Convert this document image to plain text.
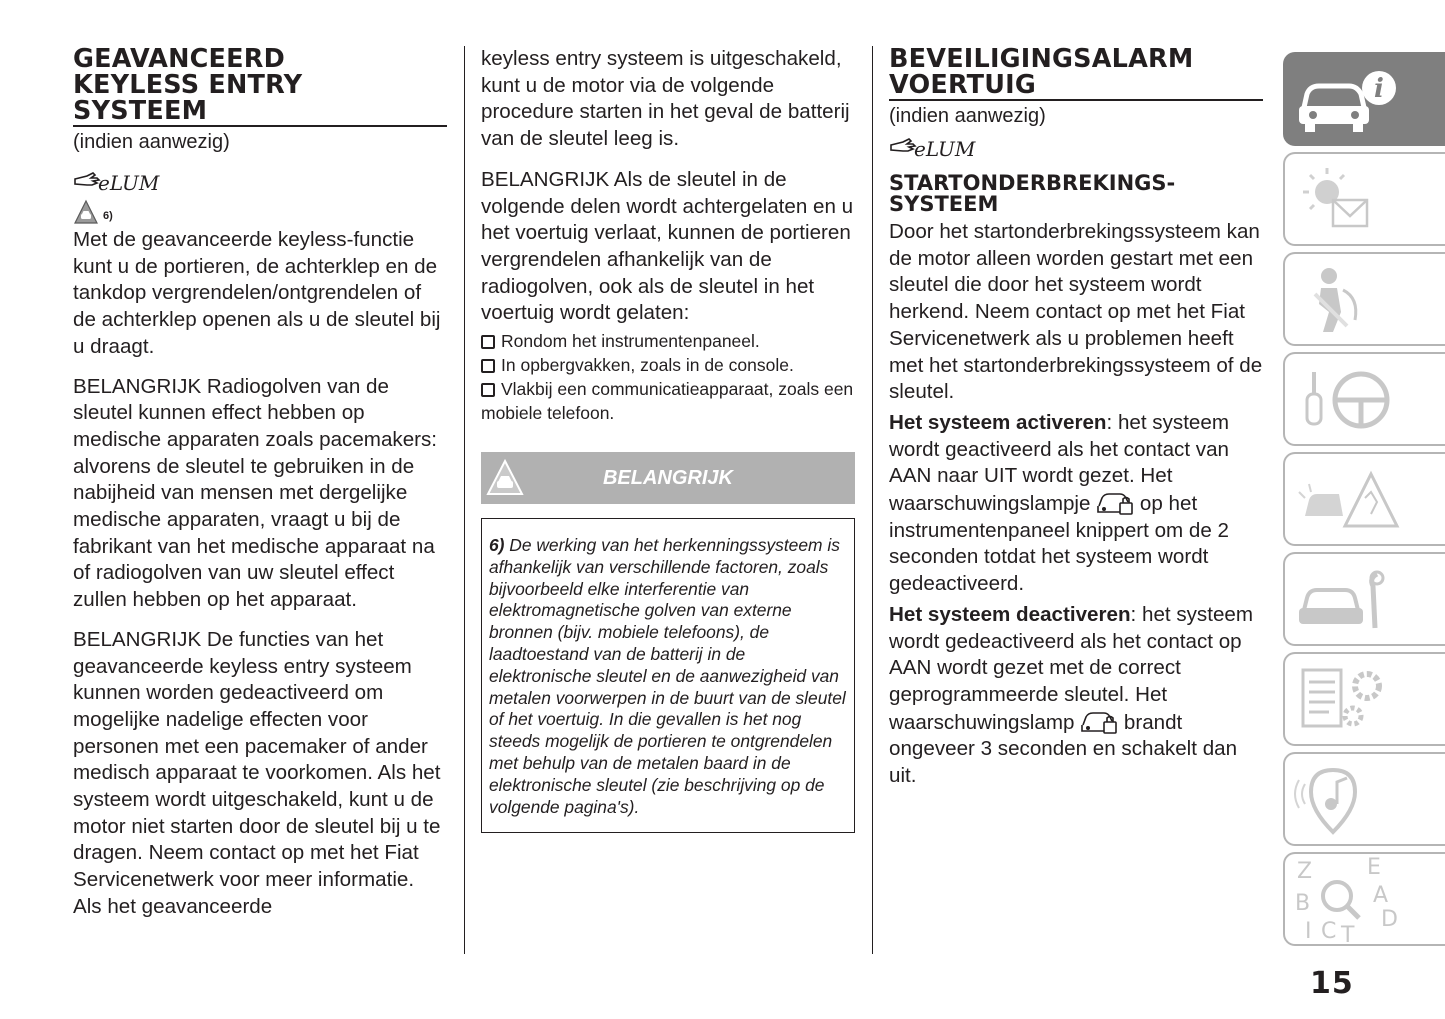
GEAVANCEERD
KEYLESS ENTRY
SYSTEEM
(indien aanwezig)
eLUM
6)

Met de geavanceerde keyless-functie kunt u de portieren, de achterklep en de tankdop vergrendelen/ontgrendelen of de achterklep openen als u de sleutel bij u draagt.

BELANGRIJK Radiogolven van de sleutel kunnen effect hebben op medische apparaten zoals pacemakers: alvorens de sleutel te gebruiken in de nabijheid van mensen met dergelijke medische apparaten, vraagt u bij de fabrikant van het medische apparaat na of radiogolven van uw sleutel effect zullen hebben op het apparaat.

BELANGRIJK De functies van het geavanceerde keyless entry systeem kunnen worden gedeactiveerd om mogelijke nadelige effecten voor personen met een pacemaker of ander medisch apparaat te voorkomen. Als het systeem wordt uitgeschakeld, kunt u de motor niet starten door de sleutel bij u te dragen. Neem contact op met het Fiat Servicenetwerk voor meer informatie. Als het geavanceerde

keyless entry systeem is uitgeschakeld, kunt u de motor via de volgende procedure starten in het geval de batterij van de sleutel leeg is.

BELANGRIJK Als de sleutel in de volgende delen wordt achtergelaten en u het voertuig verlaat, kunnen de portieren vergrendelen afhankelijk van de radiogolven, ook als de sleutel in het voertuig wordt gelaten:

Rondom het instrumentenpaneel.
In opbergvakken, zoals in de console.
Vlakbij een communicatieapparaat, zoals een mobiele telefoon.
BELANGRIJK

6) De werking van het herkenningssysteem is afhankelijk van verschillende factoren, zoals bijvoorbeeld elke interferentie van elektromagnetische golven van externe bronnen (bijv. mobiele telefoons), de laadtoestand van de batterij in de elektronische sleutel en de aanwezigheid van metalen voorwerpen in de buurt van de sleutel of het voertuig. In die gevallen is het nog steeds mogelijk de portieren te ontgrendelen met behulp van de metalen baard in de elektronische sleutel (zie beschrijving op de volgende pagina's).

BEVEILIGINGSALARM
VOERTUIG
(indien aanwezig)
eLUM
STARTONDERBREKINGS-
SYSTEEM

Door het startonderbrekingssysteem kan de motor alleen worden gestart met een sleutel die door het systeem wordt herkend. Neem contact op met het Fiat Servicenetwerk als u problemen heeft met het startonderbrekingssysteem of de sleutel.

Het systeem activeren: het systeem wordt geactiveerd als het contact van AAN naar UIT wordt gezet. Het waarschuwingslampje  op het instrumentenpaneel knippert om de 2 seconden totdat het systeem wordt gedeactiveerd.

Het systeem deactiveren: het systeem wordt gedeactiveerd als het contact op AAN wordt gezet met de correct geprogrammeerde sleutel. Het waarschuwingslamp  brandt ongeveer 3 seconden en schakelt dan uit.

i
Z E
A
B
D
I C T
15
